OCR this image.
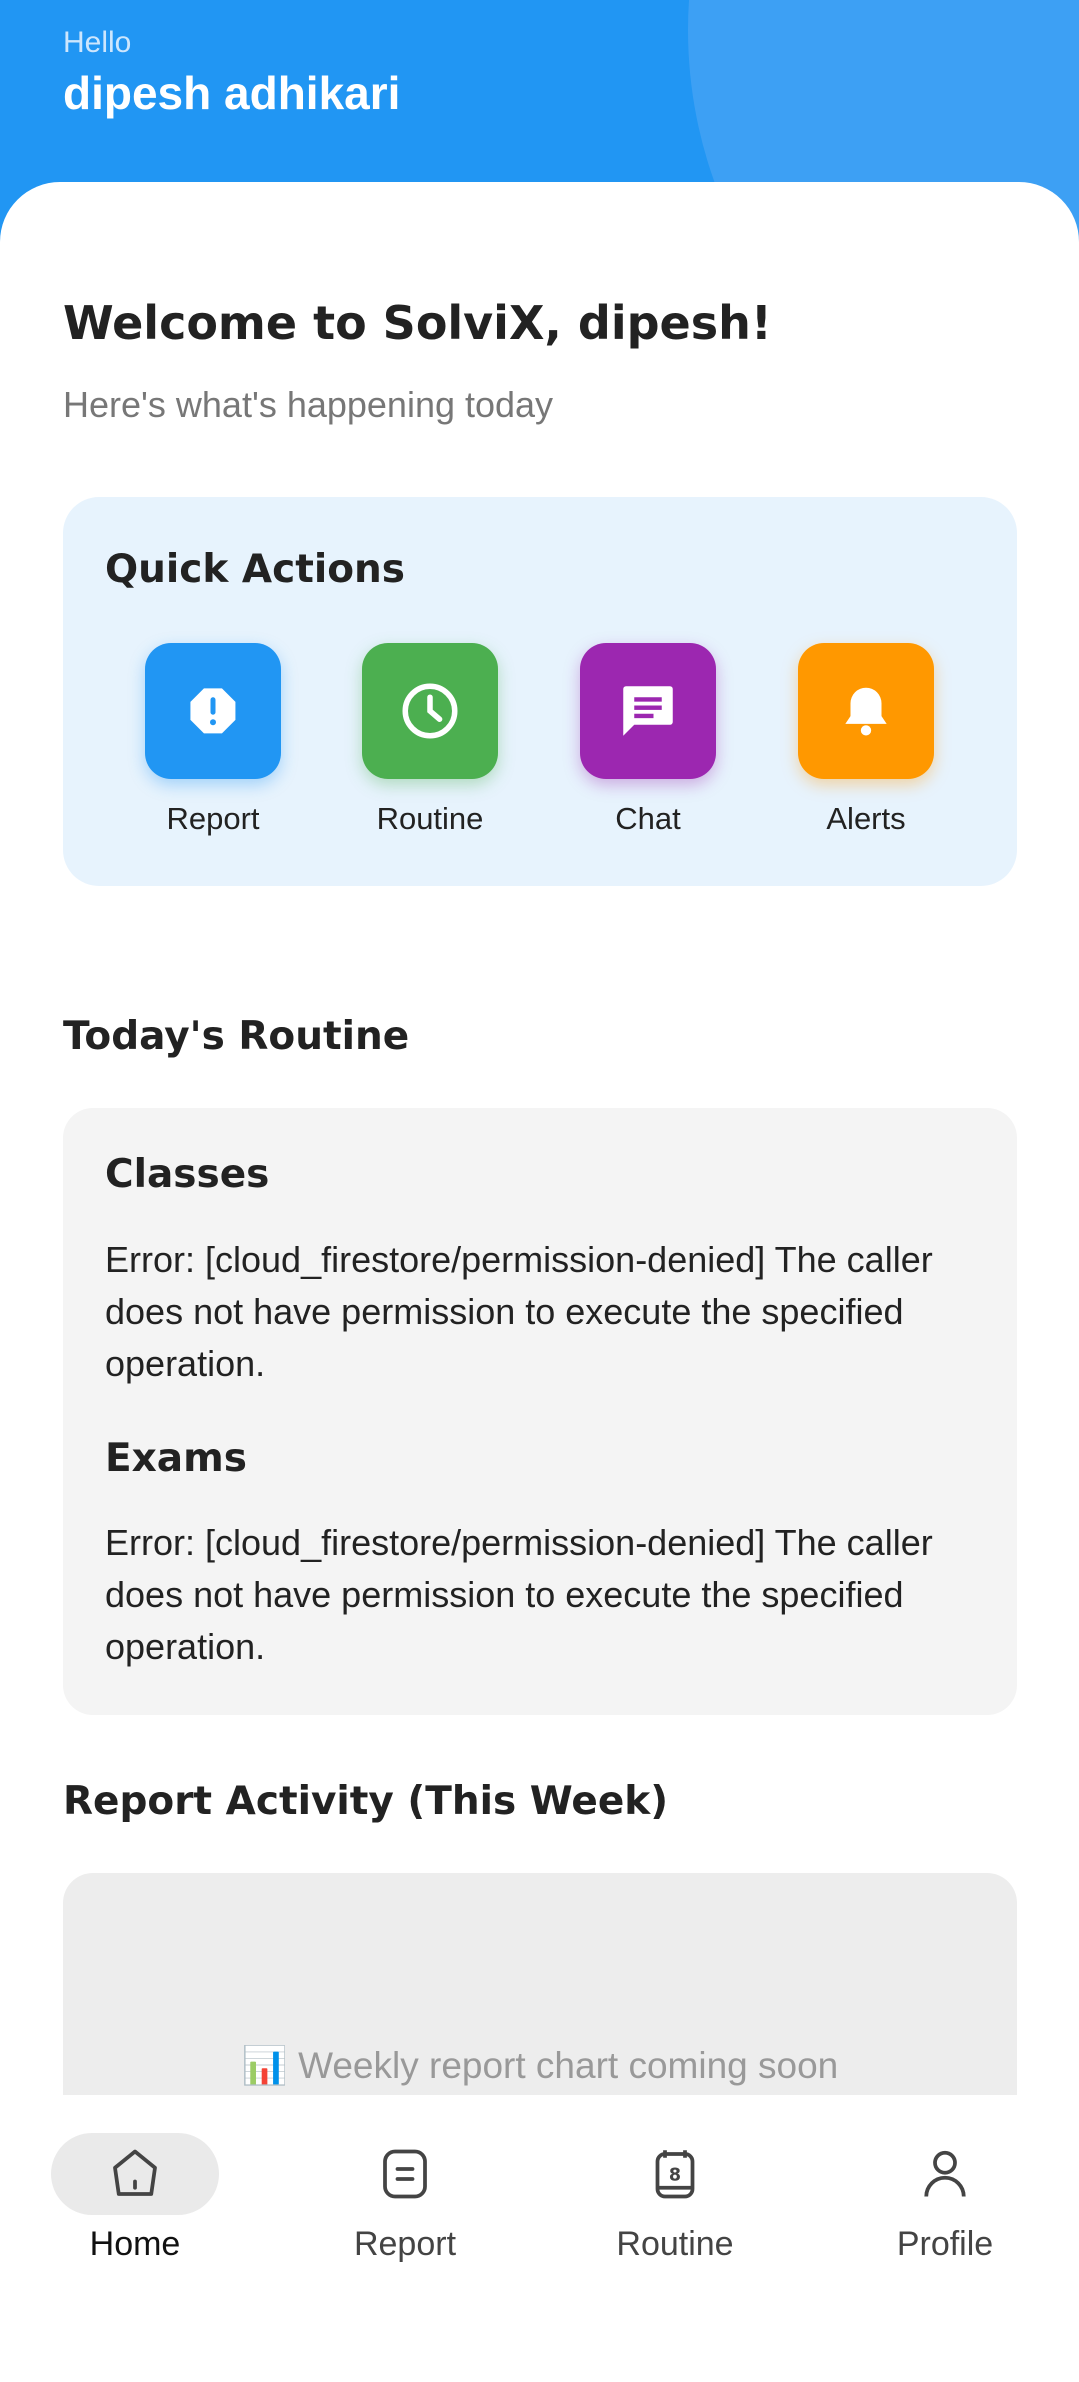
Hello
dipesh adhikari
Welcome to SolviX, dipesh!
Here's what's happening today
Quick Actions
Report	Routine	Chat	Alerts
Today's Routine
Classes

Error: [cloud_firestore/permission-denied] The caller does not have permission to execute the specified operation.

Exams

Error: [cloud_firestore/permission-denied] The caller does not have permission to execute the specified operation.

Report Activity (This Week)
📊 Weekly report chart coming soon
Home	Report
8
Routine	Profile
